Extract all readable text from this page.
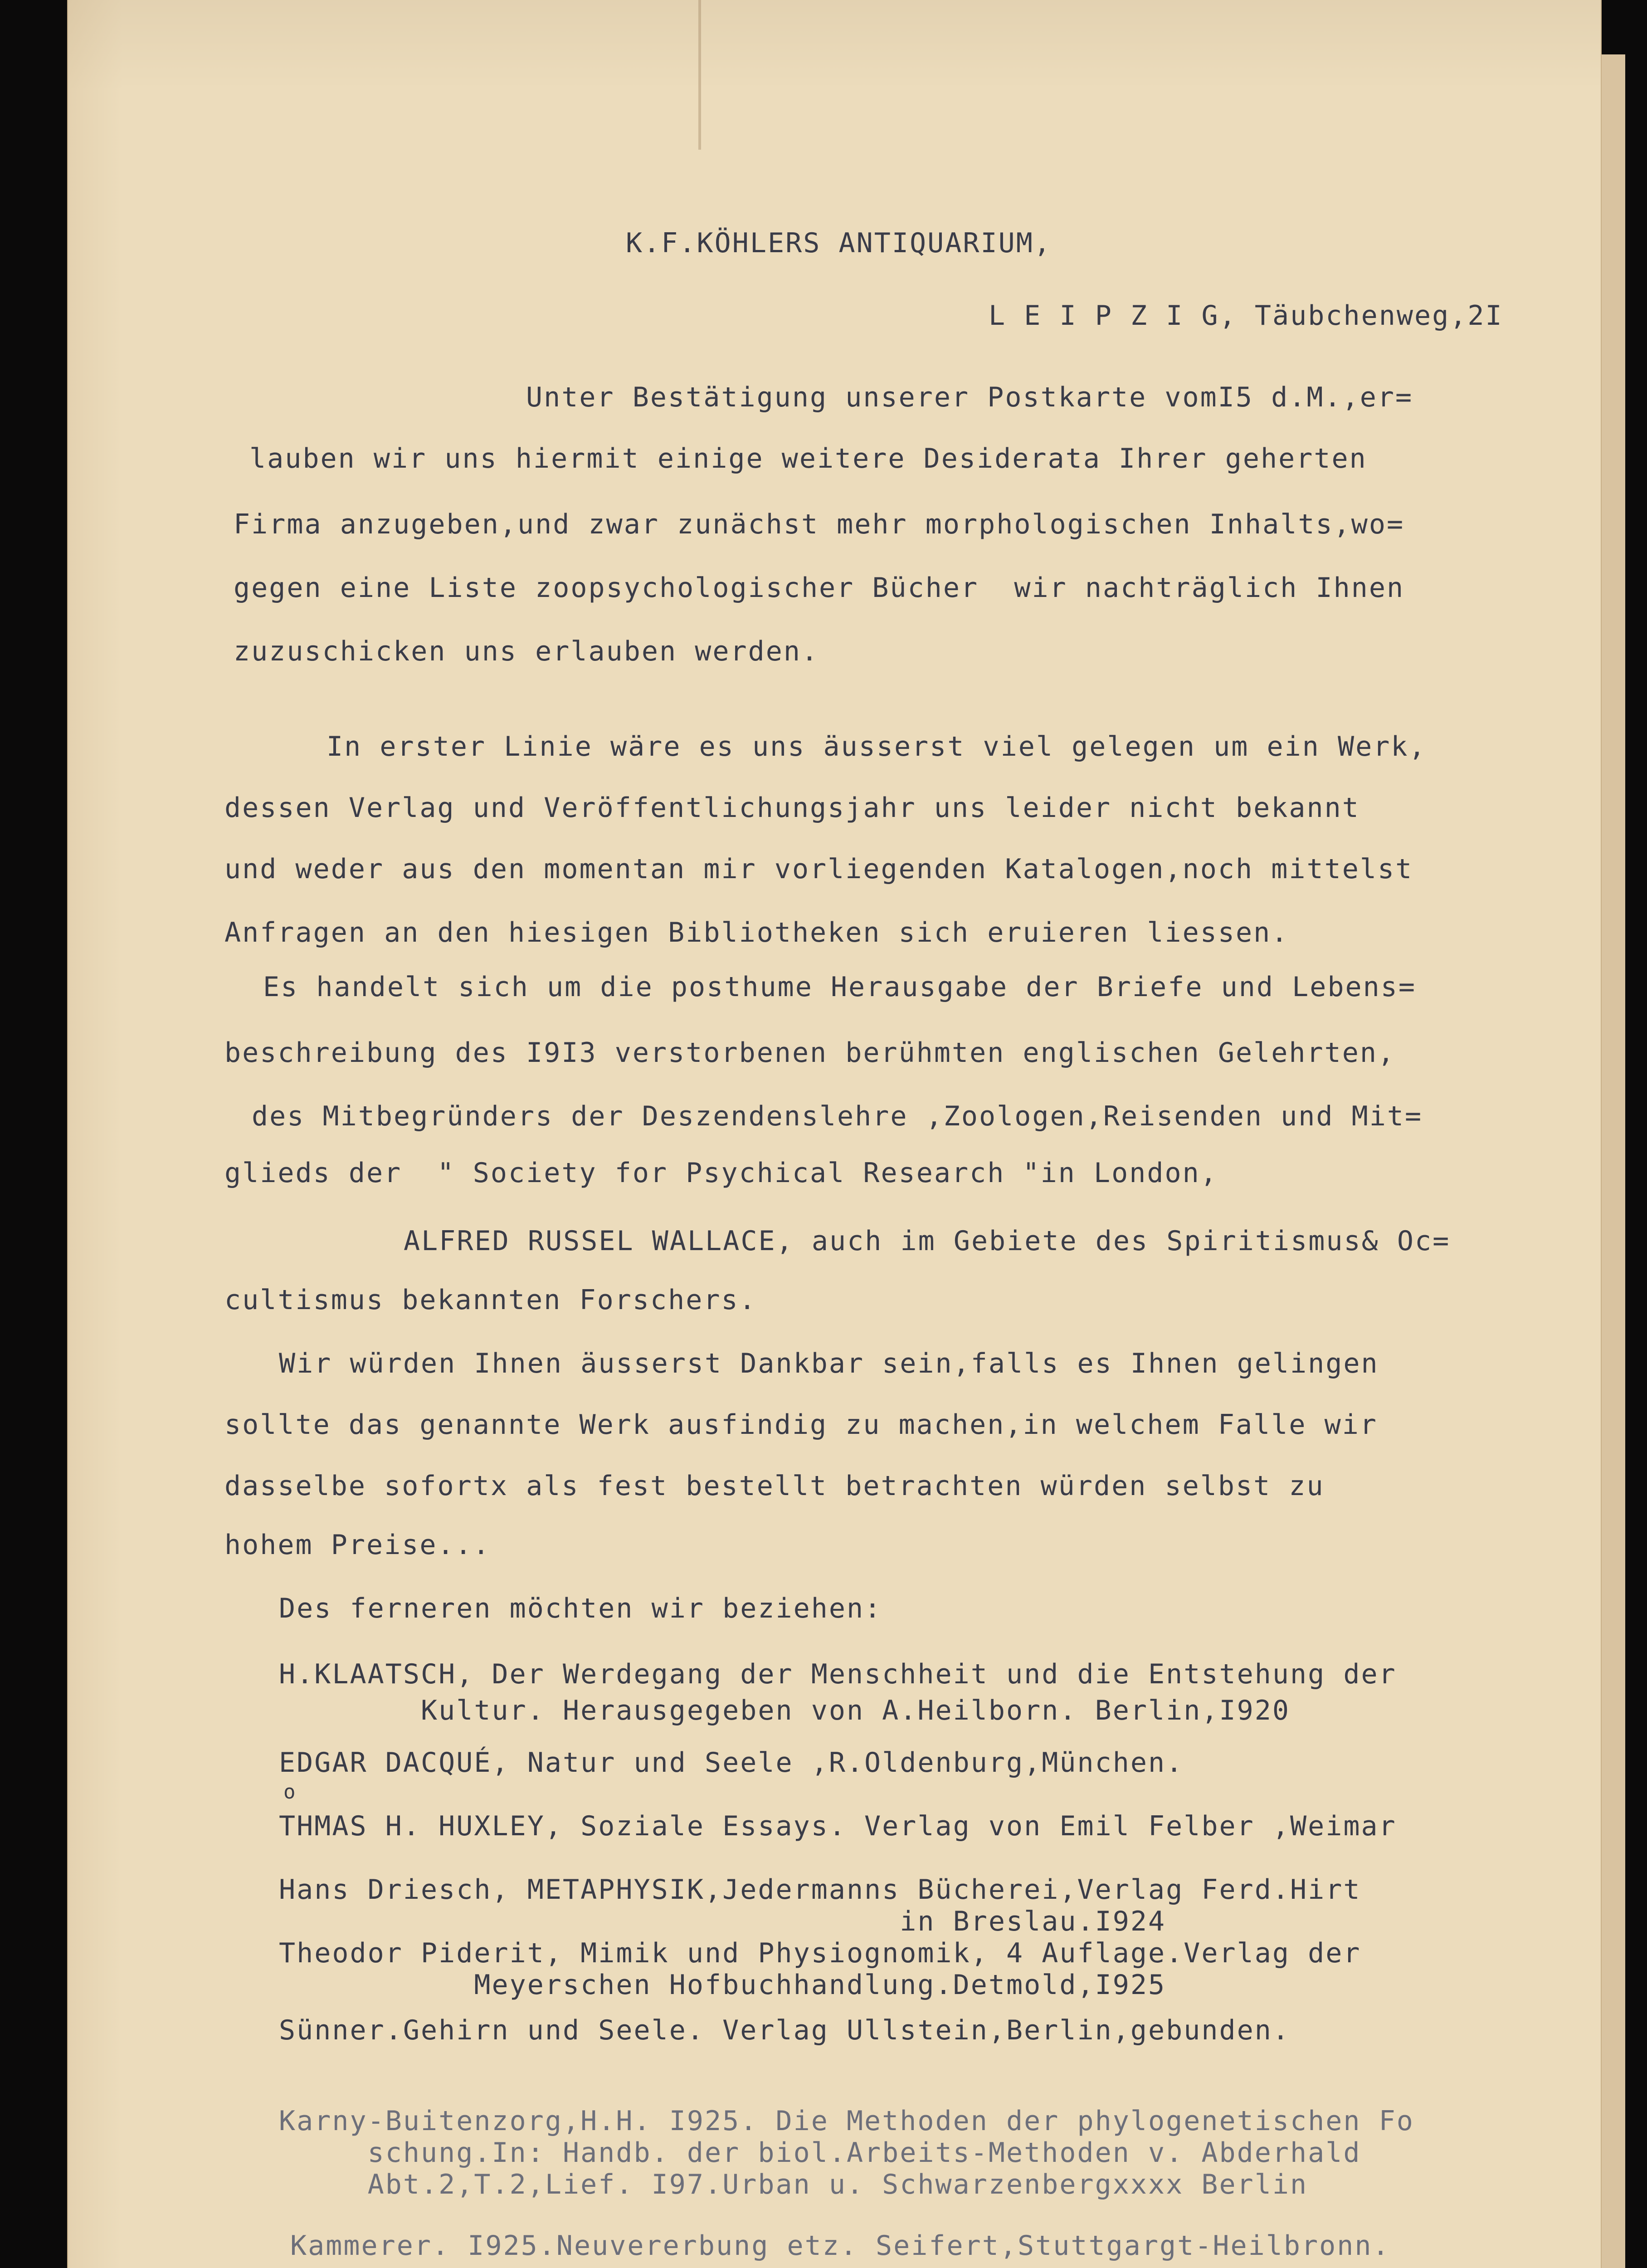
K.F.KÖHLERS ANTIQUARIUM,
L E I P Z I G, Täubchenweg,2I
Unter Bestätigung unserer Postkarte vomI5 d.M.,er=
lauben wir uns hiermit einige weitere Desiderata Ihrer geherten
Firma anzugeben,und zwar zunächst mehr morphologischen Inhalts,wo=
gegen eine Liste zoopsychologischer Bücher  wir nachträglich Ihnen
zuzuschicken uns erlauben werden.
In erster Linie wäre es uns äusserst viel gelegen um ein Werk,
dessen Verlag und Veröffentlichungsjahr uns leider nicht bekannt
und weder aus den momentan mir vorliegenden Katalogen,noch mittelst
Anfragen an den hiesigen Bibliotheken sich eruieren liessen.
Es handelt sich um die posthume Herausgabe der Briefe und Lebens=
beschreibung des I9I3 verstorbenen berühmten englischen Gelehrten,
des Mitbegründers der Deszendenslehre ,Zoologen,Reisenden und Mit=
glieds der  " Society for Psychical Research "in London,
ALFRED RUSSEL WALLACE, auch im Gebiete des Spiritismus& Oc=
cultismus bekannten Forschers.
Wir würden Ihnen äusserst Dankbar sein,falls es Ihnen gelingen
sollte das genannte Werk ausfindig zu machen,in welchem Falle wir
dasselbe sofortx als fest bestellt betrachten würden selbst zu
hohem Preise...
Des ferneren möchten wir beziehen:
H.KLAATSCH, Der Werdegang der Menschheit und die Entstehung der
Kultur. Herausgegeben von A.Heilborn. Berlin,I920
EDGAR DACQUÉ, Natur und Seele ,R.Oldenburg,München.
o
THMAS H. HUXLEY, Soziale Essays. Verlag von Emil Felber ,Weimar
Hans Driesch, METAPHYSIK,Jedermanns Bücherei,Verlag Ferd.Hirt
in Breslau.I924
Theodor Piderit, Mimik und Physiognomik, 4 Auflage.Verlag der
Meyerschen Hofbuchhandlung.Detmold,I925
Sünner.Gehirn und Seele. Verlag Ullstein,Berlin,gebunden.
Karny-Buitenzorg,H.H. I925. Die Methoden der phylogenetischen Fo
schung.In: Handb. der biol.Arbeits-Methoden v. Abderhald
Abt.2,T.2,Lief. I97.Urban u. Schwarzenbergxxxx Berlin
Kammerer. I925.Neuvererbung etz. Seifert,Stuttgargt-Heilbronn.
